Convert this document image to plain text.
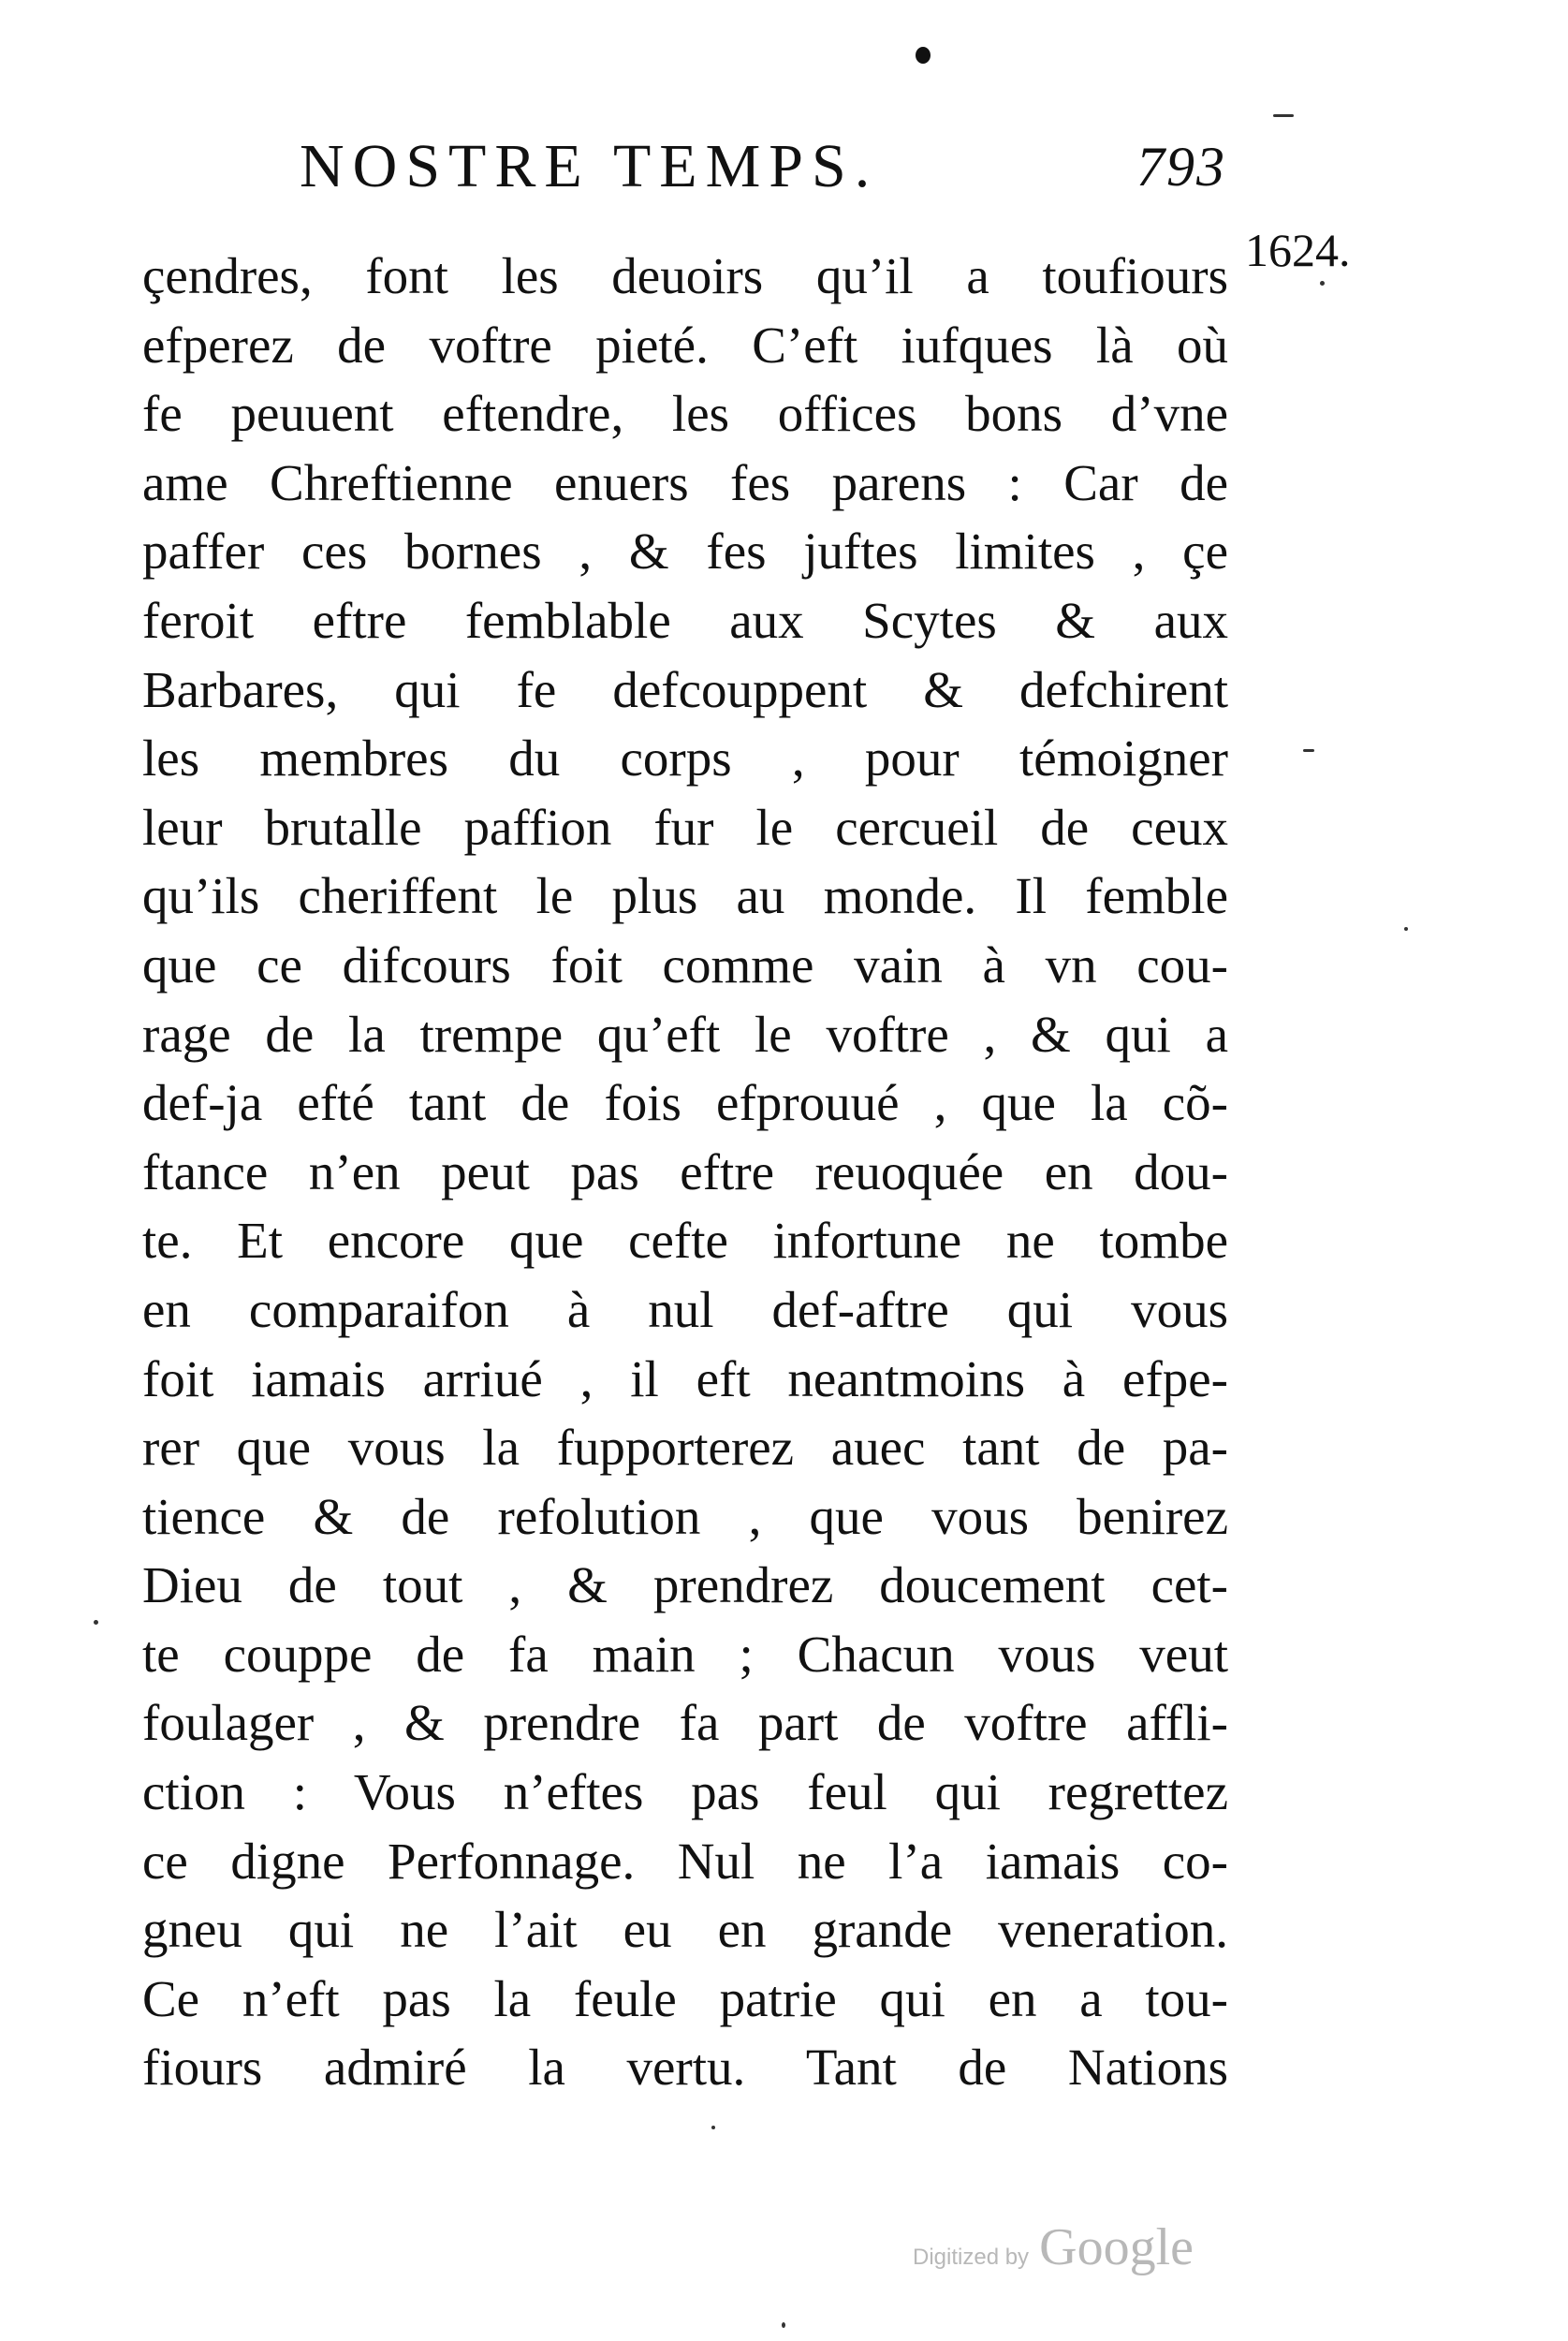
NOSTRE TEMPS.	793
1624.
çendres, font les deuoirs qu’il a toufiours
efperez de voftre pieté. C’eft iufques là où
fe peuuent eftendre, les offices bons d’vne
ame Chreftienne enuers fes parens : Car de
paffer ces bornes , & fes juftes limites , çe
feroit eftre femblable aux Scytes & aux
Barbares, qui fe defcouppent & defchirent
les membres du corps , pour témoigner
leur brutalle paffion fur le cercueil de ceux
qu’ils cheriffent le plus au monde. Il femble
que ce difcours foit comme vain à vn cou-
rage de la trempe qu’eft le voftre , & qui a
def-ja efté tant de fois efprouué , que la cõ-
ftance n’en peut pas eftre reuoquée en dou-
te. Et encore que cefte infortune ne tombe
en comparaifon à nul def-aftre qui vous
foit iamais arriué , il eft neantmoins à efpe-
rer que vous la fupporterez auec tant de pa-
tience & de refolution , que vous benirez
Dieu de tout , & prendrez doucement cet-
te couppe de fa main ; Chacun vous veut
foulager , & prendre fa part de voftre affli-
ction : Vous n’eftes pas feul qui regrettez
ce digne Perfonnage. Nul ne l’a iamais co-
gneu qui ne l’ait eu en grande veneration.
Ce n’eft pas la feule patrie qui en a tou-
fiours admiré la vertu. Tant de Nations
Digitized by Google
